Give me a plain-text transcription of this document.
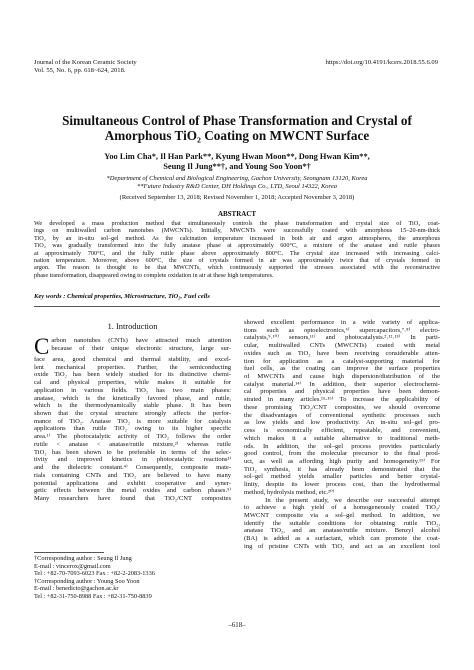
Journal of the Korean Ceramic Society
Vol. 55, No. 6, pp. 618~624, 2018.
https://doi.org/10.4191/kcers.2018.55.6.09
Simultaneous Control of Phase Transformation and Crystal of
Amorphous TiO₂ Coating on MWCNT Surface
Yoo Lim Cha*, Il Han Park**, Kyung Hwan Moon**, Dong Hwan Kim**,
Seung Il Jung**†, and Young Soo Yoon*†
*Department of Chemical and Biological Engineering, Gachon University, Seongnam 13120, Korea
**Future Industry R&D Center, DH Holdings Co., LTD, Seoul 14322, Korea
(Received September 13, 2018; Revised November 1, 2018; Accepted November 3, 2018)
ABSTRACT
We developed a mass production method that simultaneously controls the phase transformation and crystal size of TiO₂ coat-
ings on multiwalled carbon nanotubes (MWCNTs). Initially, MWCNTs were successfully coated with amorphous 15–20-nm-thick
TiO₂ by an in-situ sol–gel method. As the calcination temperature increased in both air and argon atmospheres, the amorphous
TiO₂ was gradually transformed into the fully anatase phase at approximately 600°C, a mixture of the anatase and rutile phases
at approximately 700°C, and the fully rutile phase above approximately 800°C. The crystal size increased with increasing calci-
nation temperature. Moreover, above 600°C, the size of crystals formed in air was approximately twice that of crystals formed in
argon. The reason is thought to be that MWCNTs, which continuously supported the stresses associated with the reconstructive
phase transformation, disappeared owing to complete oxidation in air at these high temperatures.
Key words : Chemical properties, Microstructure, TiO₂, Fuel cells
1. Introduction
C arbon nanotubes (CNTs) have attracted much attention
because of their unique electronic structure, large sur-
face area, good chemical and thermal stability, and excel-
lent mechanical properties. Further, the semiconducting
oxide TiO₂ has been widely studied for its distinctive chemi-
cal and physical properties, while makes it suitable for
application in various fields. TiO₂ has two main phases:
anatase, which is the kinetically favored phase, and rutile,
which is the thermodynamically stable phase. It has been
shown that the crystal structure strongly affects the perfor-
mance of TiO₂. Anatase TiO₂ is more suitable for catalysis
applications than rutile TiO₂ owing to its higher specific
area.¹⁾ The photocatalytic activity of TiO₂ follows the order
rutile < anatase < anatase/rutile mixture,²⁾ whereas rutile
TiO₂ has been shown to be preferable in terms of the selec-
tivity and improved kinetics in photocatalytic reactions³⁾
and the dielectric constant.⁴⁾ Consequently, composite mate-
rials containing CNTs and TiO₂ are believed to have many
potential applications and exhibit cooperative and syner-
getic effects between the metal oxides and carbon phases.⁵⁾
Many researchers have found that TiO₂/CNT composites
†Corresponding author : Seung Il Jung
E-mail : vincerox@gmail.com
Tel : +82-70-7093-6023 Fax : +82-2-2083-1336
†Corresponding author : Young Soo Yoon
E-mail : benedicto@gachon.ac.kr
Tel : +82-31-750-8988 Fax : +82-31-750-8839
showed excellent performance in a wide variety of applica-
tions such as optoelectronics,⁶⁾ supercapacitors,⁷˒⁸⁾ electro-
catalysts,⁹˒¹⁰⁾ sensors,¹¹⁾ and photocatalysts.²˒¹²˒¹³⁾ In parti-
cular, multiwalled CNTs (MWCNTs) coated with metal
oxides such as TiO₂ have been receiving considerable atten-
tion for application as a catalyst-supporting material for
fuel cells, as the coating can improve the surface properties
of MWCNTs and cause high dispersion/distribution of the
catalyst material.¹⁴⁾ In addition, their superior electrochemi-
cal properties and physical properties have been demon-
strated in many articles.¹⁵˗¹⁶⁾ To increase the applicability of
these promising TiO₂/CNT composites, we should overcome
the disadvantages of conventional synthetic processes such
as low yields and low productivity. An in-situ sol–gel pro-
cess is economically efficient, repeatable, and convenient,
which makes it a suitable alternative to traditional meth-
ods. In addition, the sol–gel process provides particularly
good control, from the molecular precursor to the final prod-
uct, as well as affording high purity and homogeneity.¹⁹⁾ For
TiO₂ synthesis, it has already been demonstrated that the
sol–gel method yields smaller particles and better crystal-
linity, despite its lower process cost, than the hydrothermal
method, hydrolysis method, etc.²⁰⁾
In the present study, we describe our successful attempt
to achieve a high yield of a homogeneously coated TiO₂/
MWCNT composite via a sol–gel method. In addition, we
identify the suitable conditions for obtaining rutile TiO₂,
anatase TiO₂, and an anatase/rutile mixture. Benzyl alcohol
(BA) is added as a surfactant, which can promote the coat-
ing of pristine CNTs with TiO₂ and act as an excellent tool
–618–
